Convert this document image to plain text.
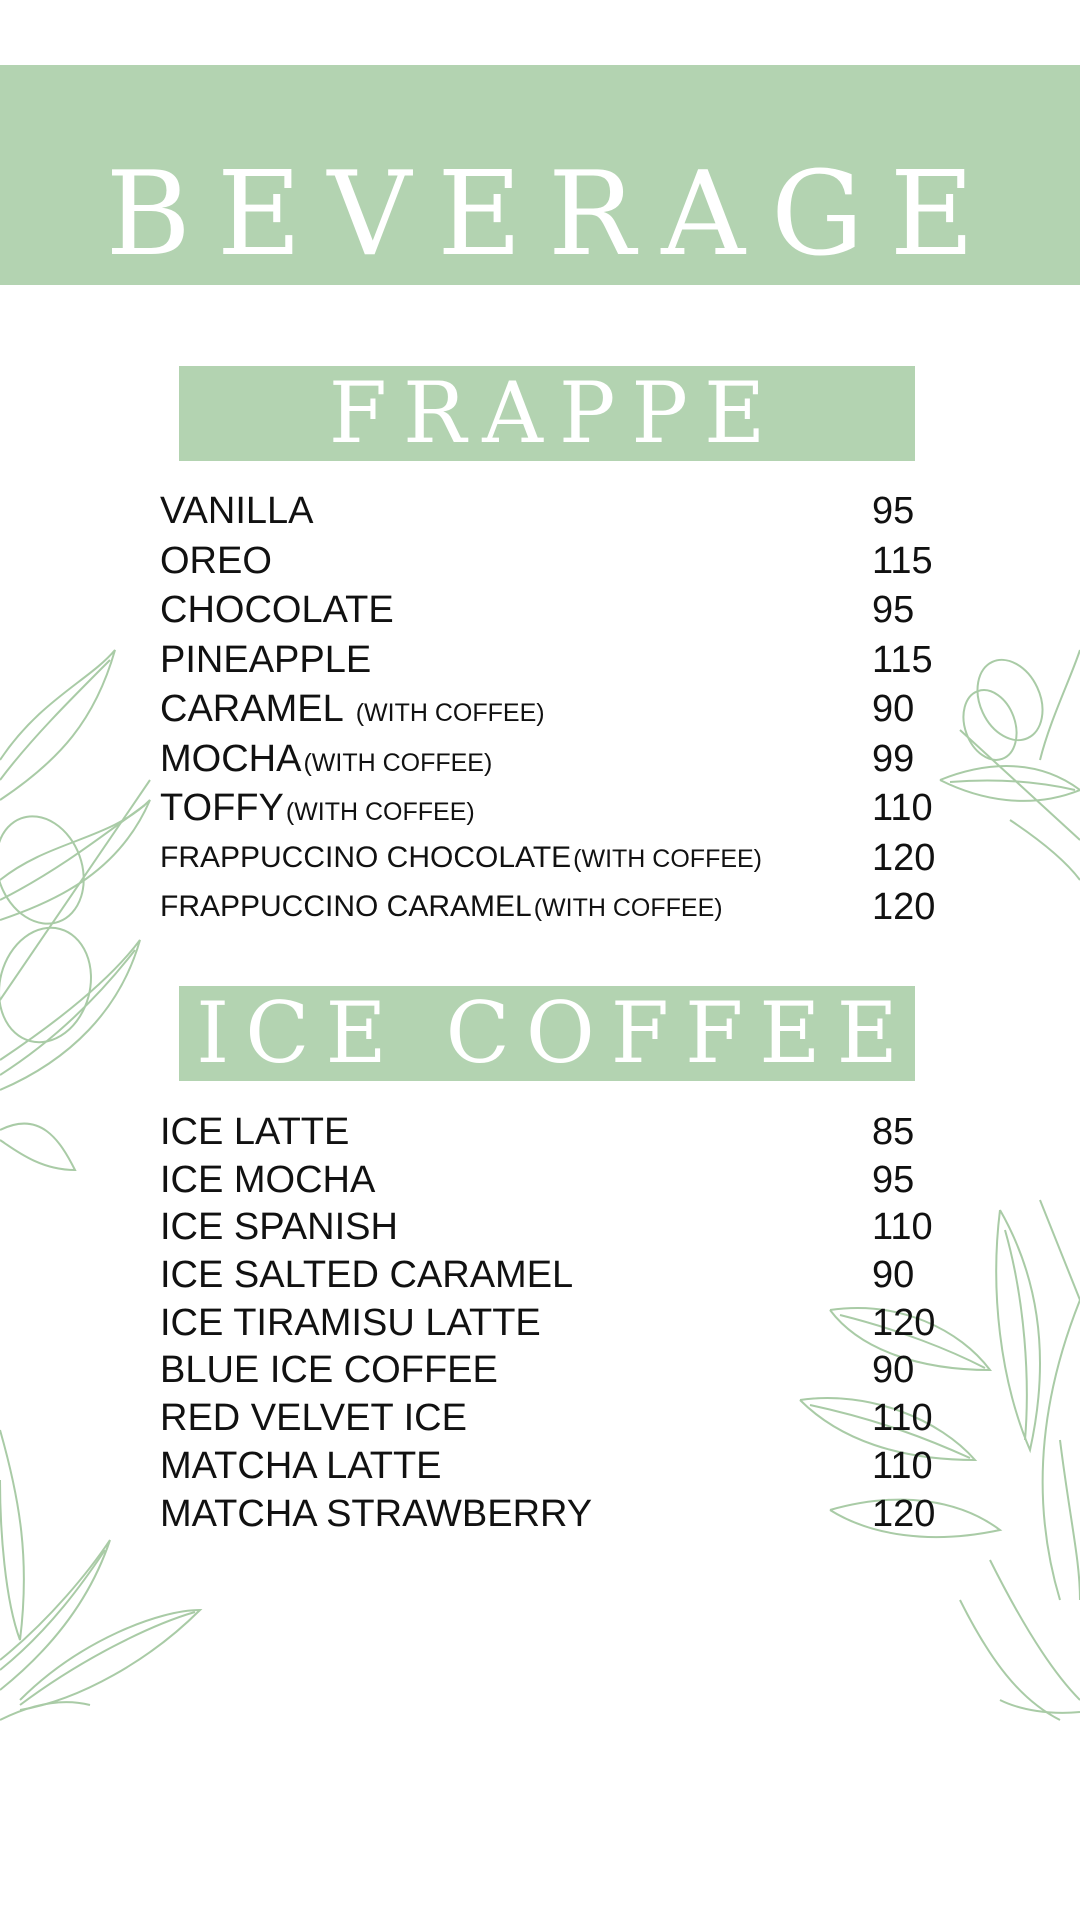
BEVERAGE
Quality you can taste.
FRAPPE
VANILLA	95
OREO	115
CHOCOLATE	95
PINEAPPLE	115
CARAMEL (WITH COFFEE)	90
MOCHA(WITH COFFEE)	99
TOFFY(WITH COFFEE)	110
FRAPPUCCINO CHOCOLATE(WITH COFFEE)	120
FRAPPUCCINO CARAMEL(WITH COFFEE)	120
ICE COFFEE
ICE LATTE	85
ICE MOCHA	95
ICE SPANISH	110
ICE SALTED CARAMEL	90
ICE TIRAMISU LATTE	120
BLUE ICE COFFEE	90
RED VELVET ICE	110
MATCHA LATTE	110
MATCHA STRAWBERRY	120
